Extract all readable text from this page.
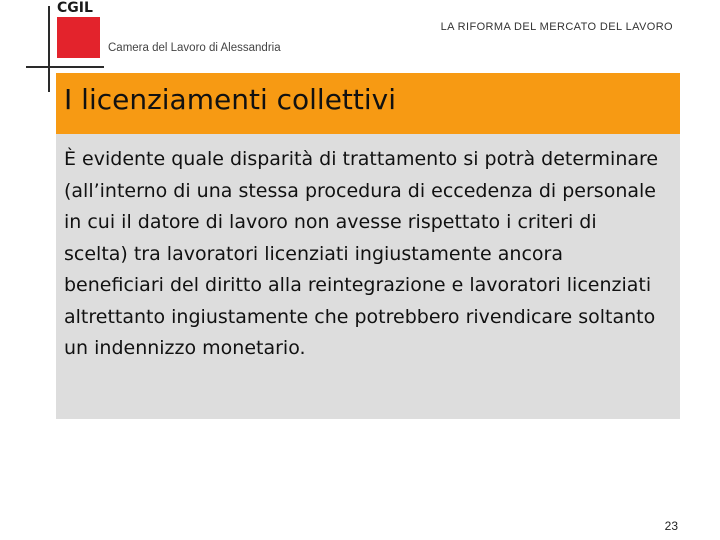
CGIL
Camera del Lavoro di Alessandria
LA RIFORMA DEL MERCATO DEL LAVORO
I licenziamenti collettivi

È evidente quale disparità di trattamento si potrà determinare (all’interno di una stessa procedura di eccedenza di personale in cui il datore di lavoro non avesse rispettato i criteri di scelta) tra lavoratori licenziati ingiustamente ancora beneficiari del diritto alla reintegrazione e lavoratori licenziati altrettanto ingiustamente che potrebbero rivendicare soltanto un indennizzo monetario.

23
